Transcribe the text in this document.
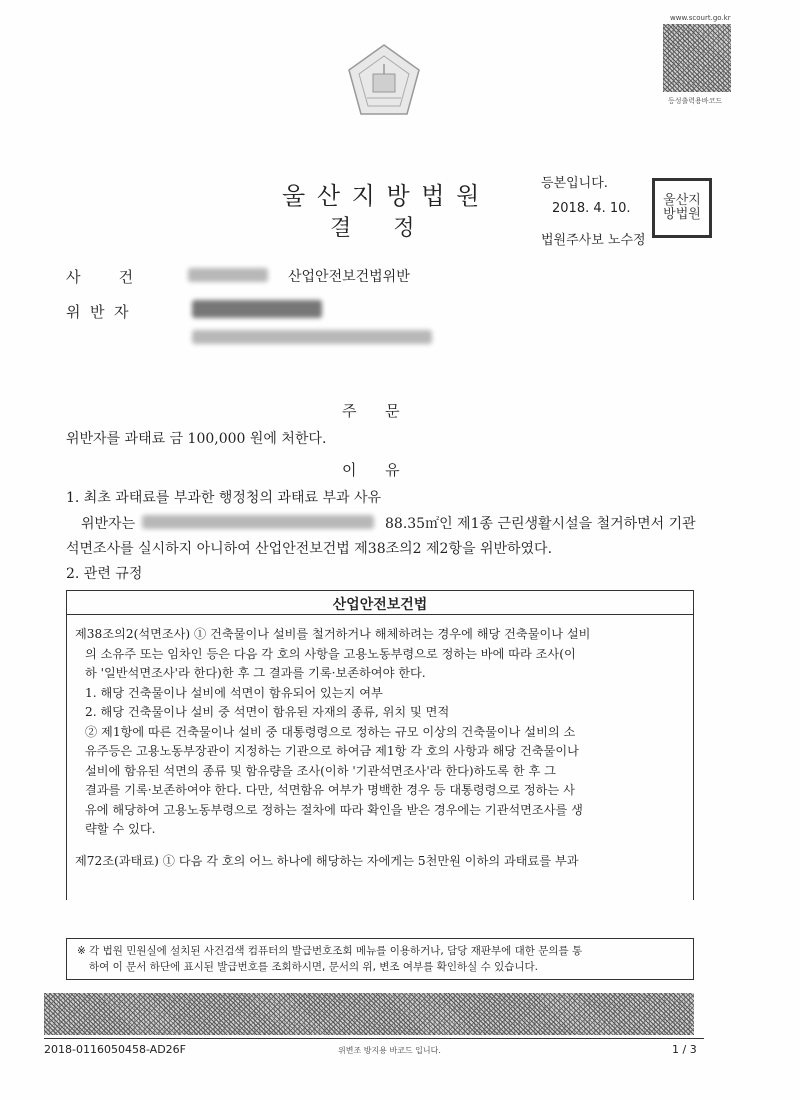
www.scourt.go.kr
등성출력용바코드
울 산 지 방 법 원
결      정
등본입니다.
2018. 4. 10.
법원주사보 노수정
울산지방법원
사        건	산업안전보건법위반
위  반  자
주      문
위반자를 과태료 금 100,000 원에 처한다.
이      유
1. 최초 과태료를 부과한 행정청의 과태료 부과 사유
위반자는	88.35㎡인 제1종 근린생활시설을 철거하면서 기관
석면조사를 실시하지 아니하여 산업안전보건법 제38조의2 제2항을 위반하였다.
2. 관련 규정
산업안전보건법

제38조의2(석면조사) ① 건축물이나 설비를 철거하거나 해체하려는 경우에 해당 건축물이나 설비

의 소유주 또는 임차인 등은 다음 각 호의 사항을 고용노동부령으로 정하는 바에 따라 조사(이

하 '일반석면조사'라 한다)한 후 그 결과를 기록·보존하여야 한다.

1. 해당 건축물이나 설비에 석면이 함유되어 있는지 여부

2. 해당 건축물이나 설비 중 석면이 함유된 자재의 종류, 위치 및 면적

② 제1항에 따른 건축물이나 설비 중 대통령령으로 정하는 규모 이상의 건축물이나 설비의 소

유주등은 고용노동부장관이 지정하는 기관으로 하여금 제1항 각 호의 사항과 해당 건축물이나

설비에 함유된 석면의 종류 및 함유량을 조사(이하 '기관석면조사'라 한다)하도록 한 후 그

결과를 기록·보존하여야 한다. 다만, 석면함유 여부가 명백한 경우 등 대통령령으로 정하는 사

유에 해당하여 고용노동부령으로 정하는 절차에 따라 확인을 받은 경우에는 기관석면조사를 생

략할 수 있다.

제72조(과태료) ① 다음 각 호의 어느 하나에 해당하는 자에게는 5천만원 이하의 과태료를 부과

※ 각 법원 민원실에 설치된 사건검색 컴퓨터의 발급번호조회 메뉴를 이용하거나, 담당 재판부에 대한 문의를 통

하여 이 문서 하단에 표시된 발급번호를 조회하시면, 문서의 위, 변조 여부를 확인하실 수 있습니다.

2018-0116050458-AD26F	위변조 방지용 바코드 입니다.	1 / 3
